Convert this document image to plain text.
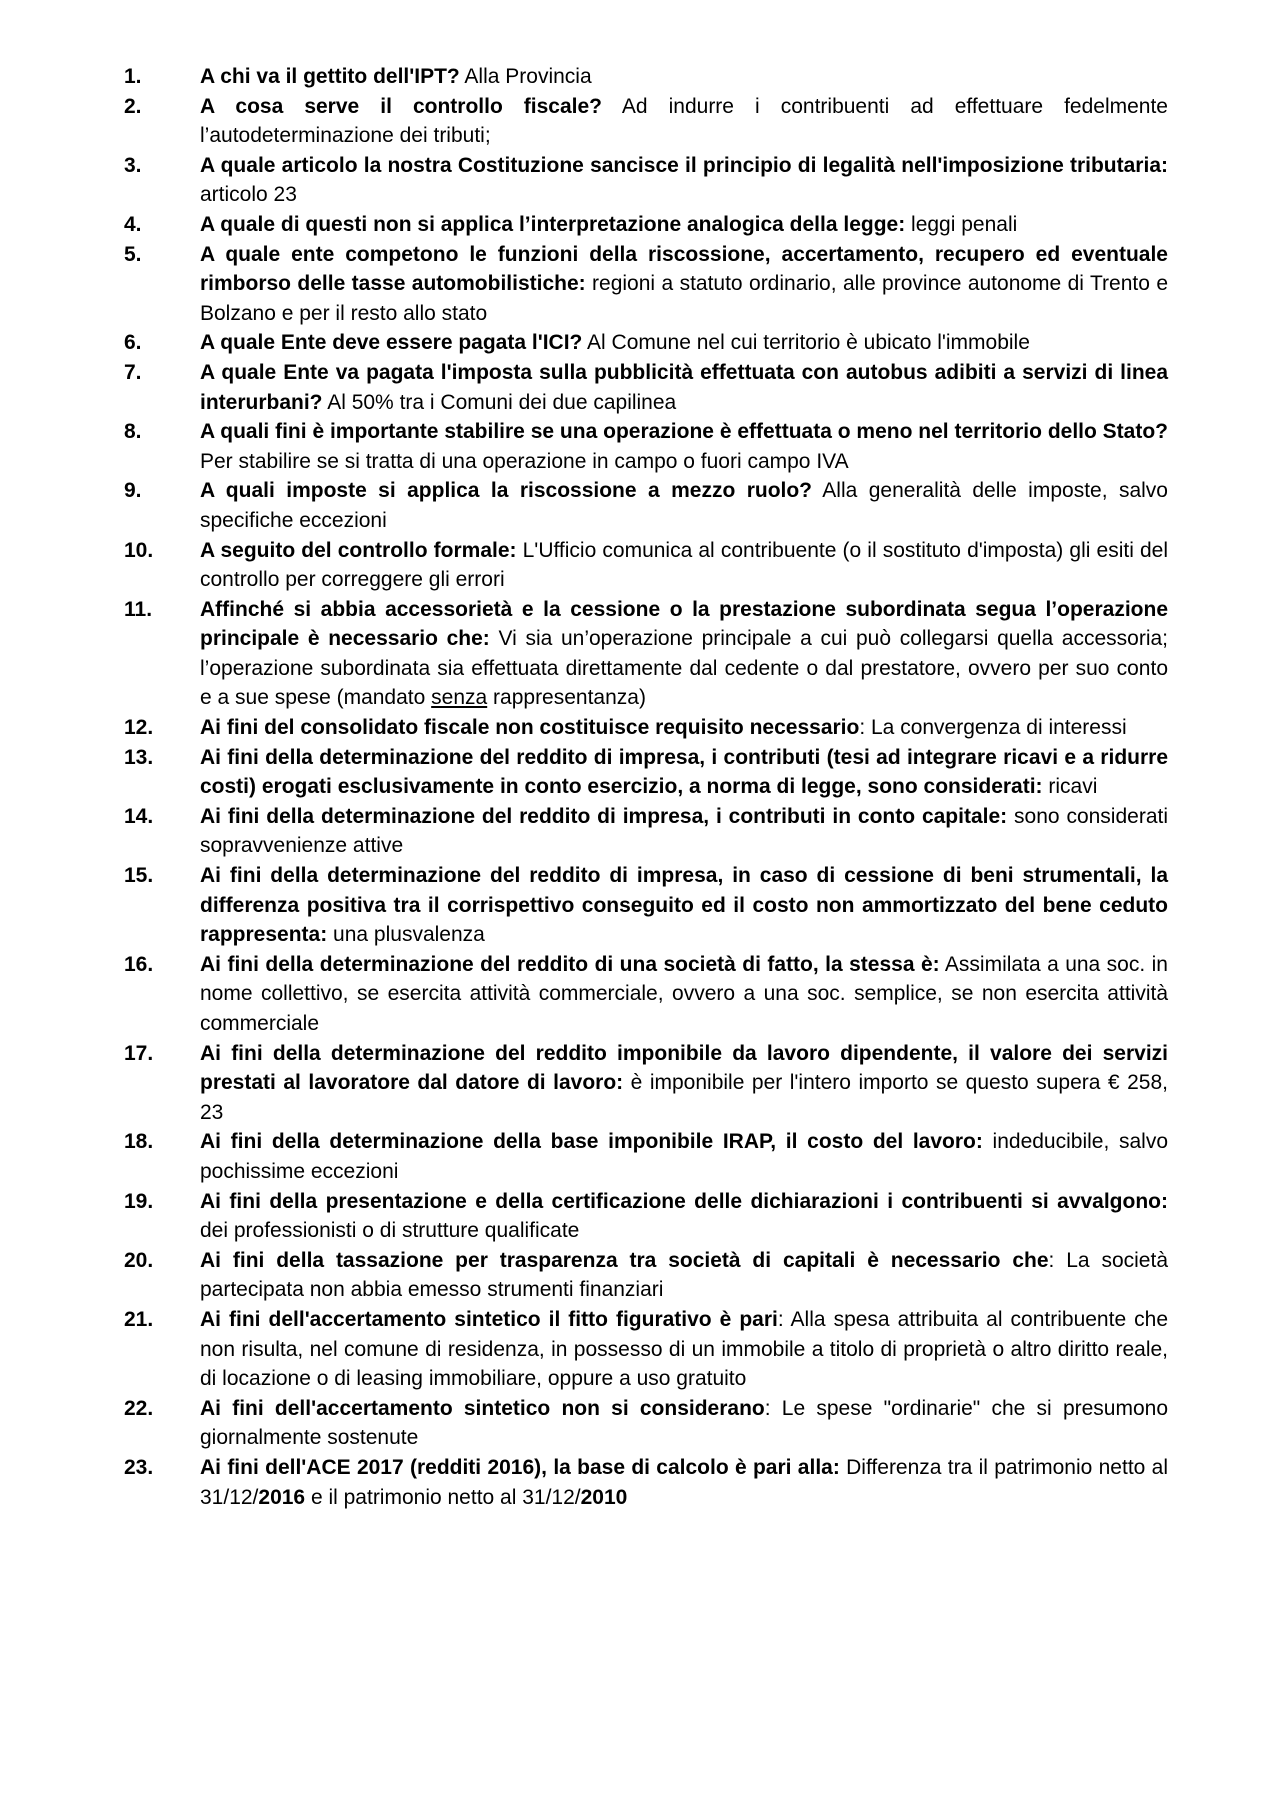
1.	A chi va il gettito dell'IPT? Alla Provincia
2.	A cosa serve il controllo fiscale? Ad indurre i contribuenti ad effettuare fedelmente l’autodeterminazione dei tributi;
3.	A quale articolo la nostra Costituzione sancisce il principio di legalità nell'imposizione tributaria: articolo 23
4.	A quale di questi non si applica l’interpretazione analogica della legge: leggi penali
5.	A quale ente competono le funzioni della riscossione, accertamento, recupero ed eventuale rimborso delle tasse automobilistiche: regioni a statuto ordinario, alle province autonome di Trento e Bolzano e per il resto allo stato
6.	A quale Ente deve essere pagata l'ICI? Al Comune nel cui territorio è ubicato l'immobile
7.	A quale Ente va pagata l'imposta sulla pubblicità effettuata con autobus adibiti a servizi di linea interurbani? Al 50% tra i Comuni dei due capilinea
8.	A quali fini è importante stabilire se una operazione è effettuata o meno nel territorio dello Stato? Per stabilire se si tratta di una operazione in campo o fuori campo IVA
9.	A quali imposte si applica la riscossione a mezzo ruolo? Alla generalità delle imposte, salvo specifiche eccezioni
10.	A seguito del controllo formale: L'Ufficio comunica al contribuente (o il sostituto d'imposta) gli esiti del controllo per correggere gli errori
11.	Affinché si abbia accessorietà e la cessione o la prestazione subordinata segua l’operazione principale è necessario che: Vi sia un’operazione principale a cui può collegarsi quella accessoria; l’operazione subordinata sia effettuata direttamente dal cedente o dal prestatore, ovvero per suo conto e a sue spese (mandato senza rappresentanza)
12.	Ai fini del consolidato fiscale non costituisce requisito necessario: La convergenza di interessi
13.	Ai fini della determinazione del reddito di impresa, i contributi (tesi ad integrare ricavi e a ridurre costi) erogati esclusivamente in conto esercizio, a norma di legge, sono considerati: ricavi
14.	Ai fini della determinazione del reddito di impresa, i contributi in conto capitale: sono considerati sopravvenienze attive
15.	Ai fini della determinazione del reddito di impresa, in caso di cessione di beni strumentali, la differenza positiva tra il corrispettivo conseguito ed il costo non ammortizzato del bene ceduto rappresenta: una plusvalenza
16.	Ai fini della determinazione del reddito di una società di fatto, la stessa è: Assimilata a una soc. in nome collettivo, se esercita attività commerciale, ovvero a una soc. semplice, se non esercita attività commerciale
17.	Ai fini della determinazione del reddito imponibile da lavoro dipendente, il valore dei servizi prestati al lavoratore dal datore di lavoro: è imponibile per l'intero importo se questo supera € 258, 23
18.	Ai fini della determinazione della base imponibile IRAP, il costo del lavoro: indeducibile, salvo pochissime eccezioni
19.	Ai fini della presentazione e della certificazione delle dichiarazioni i contribuenti si avvalgono: dei professionisti o di strutture qualificate
20.	Ai fini della tassazione per trasparenza tra società di capitali è necessario che: La società partecipata non abbia emesso strumenti finanziari
21.	Ai fini dell'accertamento sintetico il fitto figurativo è pari: Alla spesa attribuita al contribuente che non risulta, nel comune di residenza, in possesso di un immobile a titolo di proprietà o altro diritto reale, di locazione o di leasing immobiliare, oppure a uso gratuito
22.	Ai fini dell'accertamento sintetico non si considerano: Le spese "ordinarie" che si presumono giornalmente sostenute
23.	Ai fini dell'ACE 2017 (redditi 2016), la base di calcolo è pari alla: Differenza tra il patrimonio netto al 31/12/2016 e il patrimonio netto al 31/12/2010
